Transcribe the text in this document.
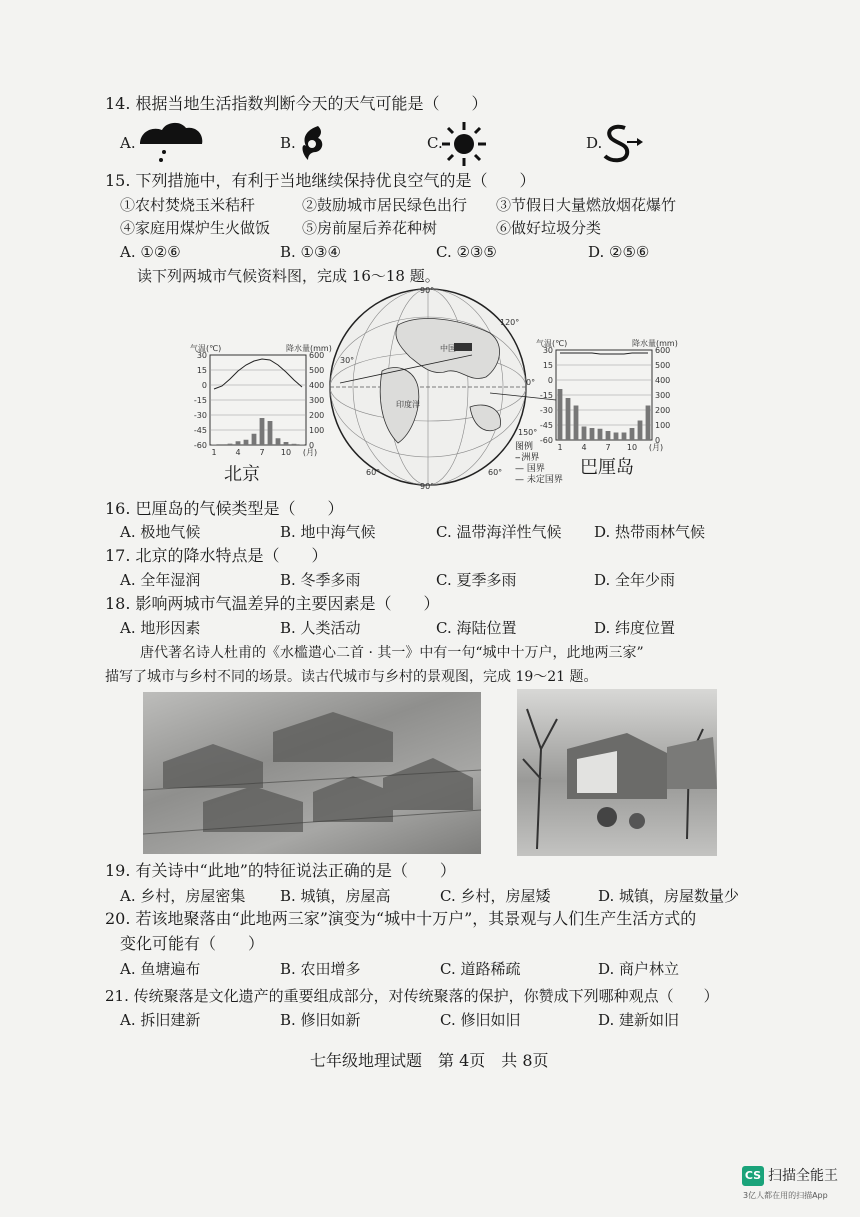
14. 根据当地生活指数判断今天的天气可能是（　　）
A.	B.	C.	D.
15. 下列措施中，有利于当地继续保持优良空气的是（　　）
①农村焚烧玉米秸秆	②鼓励城市居民绿色出行 ③节假日大量燃放烟花爆竹
④家庭用煤炉生火做饭 ⑤房前屋后养花种树	⑥做好垃圾分类
A. ①②⑥	B. ①③④	C. ②③⑤	D. ②⑤⑥
读下列两城市气候资料图，完成 16～18 题。
90°
90°
中国
印度洋
0°
60°	60°
120°
150°
30°
30
15
0
-15
-30
-45
-60
600
500
400
300
200
100
0
气温(℃)	降水量(mm)
1 4 7 10 (月)
30
15
0
-15
-30
-45
-60
600
500
400
300
200
100
0
气温(℃)	降水量(mm)
1 4 7 10 (月)
北京	巴厘岛
图例
-- 洲界
— 国界
— 未定国界
16. 巴厘岛的气候类型是（　　）
A. 极地气候	B. 地中海气候	C. 温带海洋性气候 D. 热带雨林气候
17. 北京的降水特点是（　　）
A. 全年湿润	B. 冬季多雨	C. 夏季多雨	D. 全年少雨
18. 影响两城市气温差异的主要因素是（　　）
A. 地形因素	B. 人类活动	C. 海陆位置	D. 纬度位置
唐代著名诗人杜甫的《水槛遣心二首 · 其一》中有一句“城中十万户，此地两三家”
描写了城市与乡村不同的场景。读古代城市与乡村的景观图，完成 19～21 题。
19. 有关诗中“此地”的特征说法正确的是（　　）
A. 乡村，房屋密集 B. 城镇，房屋高	C. 乡村，房屋矮	D. 城镇，房屋数量少
20. 若该地聚落由“此地两三家”演变为“城中十万户”，其景观与人们生产生活方式的
变化可能有（　　）
A. 鱼塘遍布	B. 农田增多	C. 道路稀疏	D. 商户林立
21. 传统聚落是文化遗产的重要组成部分，对传统聚落的保护，你赞成下列哪种观点（　　）
A. 拆旧建新	B. 修旧如新	C. 修旧如旧	D. 建新如旧
七年级地理试题　第 4页　共 8页
CS 扫描全能王
3亿人都在用的扫描App
